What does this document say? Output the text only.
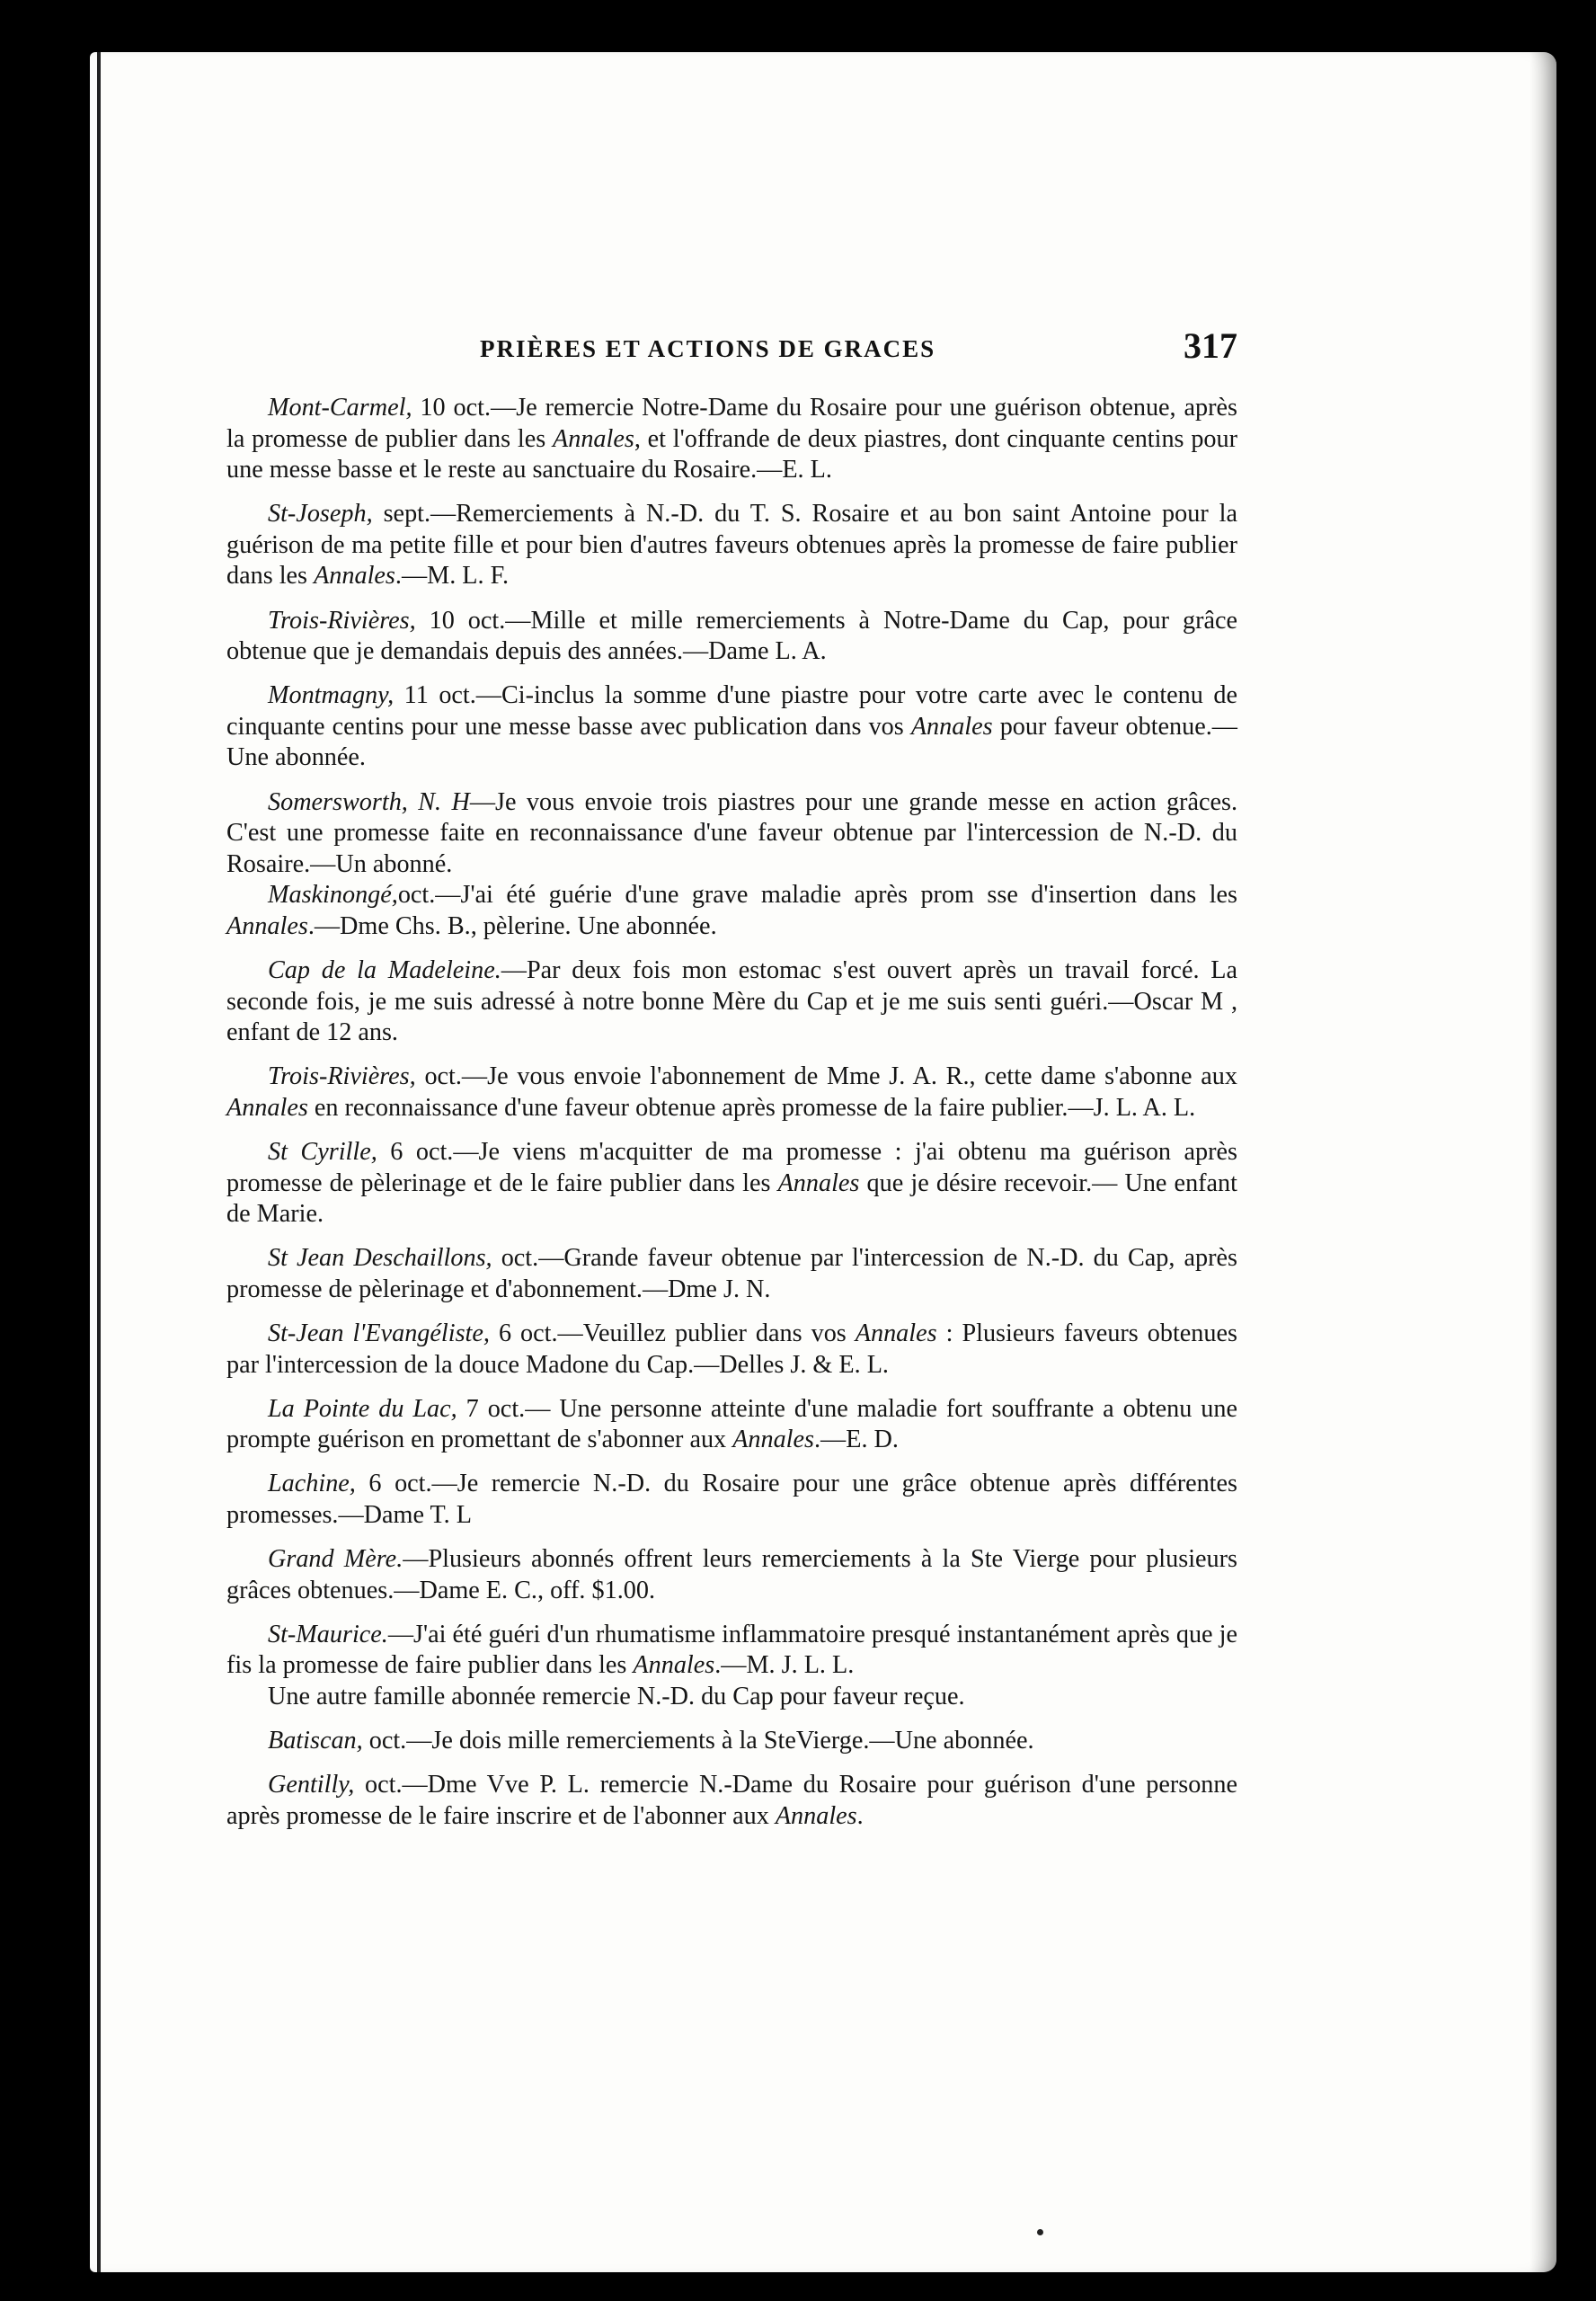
PRIÈRES ET ACTIONS DE GRACES	317

Mont-Carmel, 10 oct.—Je remercie Notre-Dame du Rosaire pour une guérison obtenue, après la promesse de publier dans les Annales, et l'offrande de deux piastres, dont cinquante centins pour une messe basse et le reste au sanctuaire du Rosaire.—E. L.

St-Joseph, sept.—Remerciements à N.-D. du T. S. Rosaire et au bon saint Antoine pour la guérison de ma petite fille et pour bien d'autres faveurs obtenues après la promesse de faire publier dans les Annales.—M. L. F.

Trois-Rivières, 10 oct.—Mille et mille remerciements à Notre-Dame du Cap, pour grâce obtenue que je demandais depuis des années.—Dame L. A.

Montmagny, 11 oct.—Ci-inclus la somme d'une piastre pour votre carte avec le contenu de cinquante centins pour une messe basse avec publication dans vos Annales pour faveur obtenue.— Une abonnée.

Somersworth, N. H—Je vous envoie trois piastres pour une grande messe en action grâces. C'est une promesse faite en reconnaissance d'une faveur obtenue par l'intercession de N.-D. du Rosaire.—Un abonné.

Maskinongé,oct.—J'ai été guérie d'une grave maladie après prom sse d'insertion dans les Annales.—Dme Chs. B., pèlerine. Une abonnée.

Cap de la Madeleine.—Par deux fois mon estomac s'est ouvert après un travail forcé. La seconde fois, je me suis adressé à notre bonne Mère du Cap et je me suis senti guéri.—Oscar M , enfant de 12 ans.

Trois-Rivières, oct.—Je vous envoie l'abonnement de Mme J. A. R., cette dame s'abonne aux Annales en reconnaissance d'une faveur obtenue après promesse de la faire publier.—J. L. A. L.

St Cyrille, 6 oct.—Je viens m'acquitter de ma promesse : j'ai obtenu ma guérison après promesse de pèlerinage et de le faire publier dans les Annales que je désire recevoir.— Une enfant de Marie.

St Jean Deschaillons, oct.—Grande faveur obtenue par l'intercession de N.-D. du Cap, après promesse de pèlerinage et d'abonnement.—Dme J. N.

St-Jean l'Evangéliste, 6 oct.—Veuillez publier dans vos Annales : Plusieurs faveurs obtenues par l'intercession de la douce Madone du Cap.—Delles J. & E. L.

La Pointe du Lac, 7 oct.— Une personne atteinte d'une maladie fort souffrante a obtenu une prompte guérison en promettant de s'abonner aux Annales.—E. D.

Lachine, 6 oct.—Je remercie N.-D. du Rosaire pour une grâce obtenue après différentes promesses.—Dame T. L

Grand Mère.—Plusieurs abonnés offrent leurs remerciements à la Ste Vierge pour plusieurs grâces obtenues.—Dame E. C., off. $1.00.

St-Maurice.—J'ai été guéri d'un rhumatisme inflammatoire presqué instantanément après que je fis la promesse de faire publier dans les Annales.—M. J. L. L.

Une autre famille abonnée remercie N.-D. du Cap pour faveur reçue.

Batiscan, oct.—Je dois mille remerciements à la SteVierge.—Une abonnée.

Gentilly, oct.—Dme Vve P. L. remercie N.-Dame du Rosaire pour guérison d'une personne après promesse de le faire inscrire et de l'abonner aux Annales.
